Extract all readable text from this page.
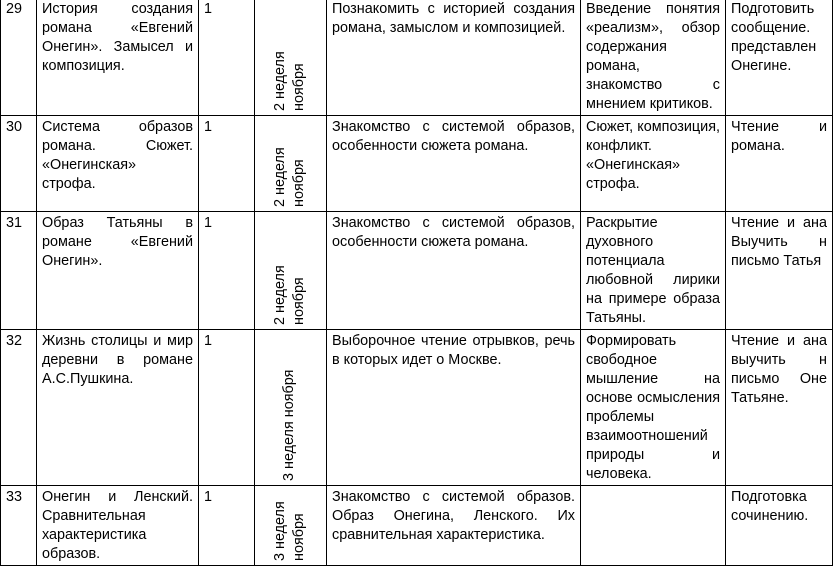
29	История создания романа «Евгений Онегин». Замысел и композиция.	1	2 неделя ноября	Познакомить с историей создания романа, замыслом и композицией.	Введение понятия «реализм», обзор содержания романа, знакомство с мнением критиков.	Подготовить сообщение. представлен Онегине.
30	Система образов романа. Сюжет. «Онегинская» строфа.	1	2 неделя ноября	Знакомство с системой образов, особенности сюжета романа.	Сюжет, композиция, конфликт. «Онегинская» строфа.	Чтение и романа.
31	Образ Татьяны в романе «Евгений Онегин».	1	2 неделя ноября	Знакомство с системой образов, особенности сюжета романа.	Раскрытие духовного потенциала любовной лирики на примере образа Татьяны.	Чтение и ана Выучить н письмо Татья
32	Жизнь столицы и мир деревни в романе А.С.Пушкина.	1	3 неделя ноября	Выборочное чтение отрывков, речь в которых идет о Москве.	Формировать свободное мышление на основе осмысления проблемы взаимоотношений природы и человека.	Чтение и ана выучить н письмо Оне Татьяне.
33	Онегин и Ленский. Сравнительная характеристика образов.	1	3 неделя ноября	Знакомство с системой образов. Образ Онегина, Ленского. Их сравнительная характеристика.		Подготовка сочинению.
